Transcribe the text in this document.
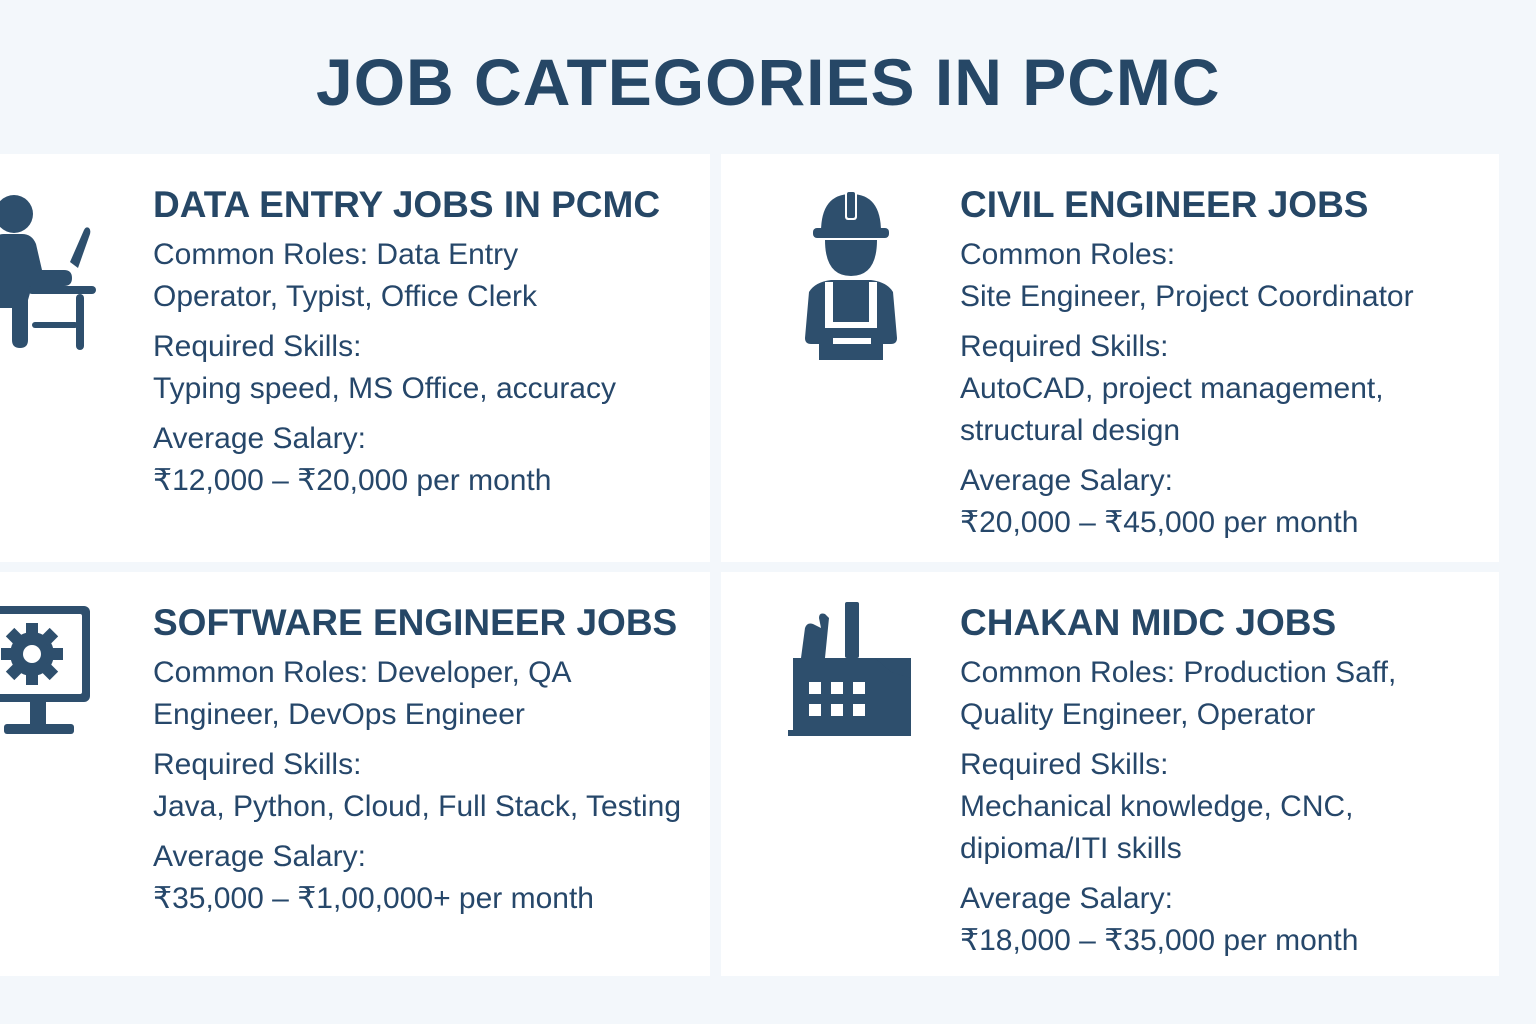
JOB CATEGORIES IN PCMC
DATA ENTRY JOBS IN PCMC
Common Roles: Data Entry
Operator, Typist, Office Clerk
Required Skills:
Typing speed, MS Office, accuracy
Average Salary:
₹12,000 – ₹20,000 per month
CIVIL ENGINEER JOBS
Common Roles:
Site Engineer, Project Coordinator
Required Skills:
AutoCAD, project management,
structural design
Average Salary:
₹20,000 – ₹45,000 per month
SOFTWARE ENGINEER JOBS
Common Roles: Developer, QA
Engineer, DevOps Engineer
Required Skills:
Java, Python, Cloud, Full Stack, Testing
Average Salary:
₹35,000 – ₹1,00,000+ per month
CHAKAN MIDC JOBS
Common Roles: Production Saff,
Quality Engineer, Operator
Required Skills:
Mechanical knowledge, CNC,
dipioma/ITI skills
Average Salary:
₹18,000 – ₹35,000 per month
